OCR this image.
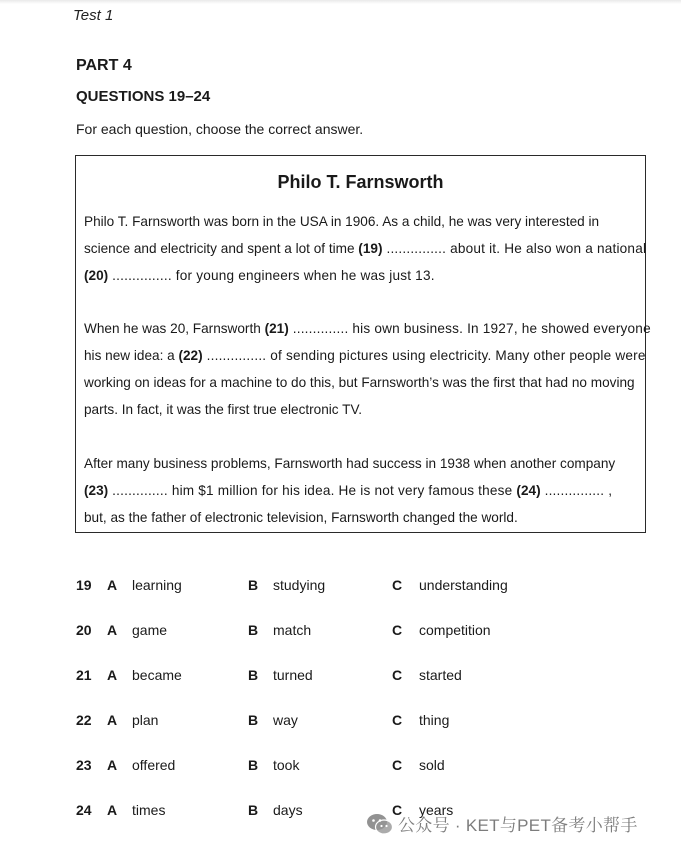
Test 1
PART 4
QUESTIONS 19–24
For each question, choose the correct answer.
Philo T. Farnsworth

Philo T. Farnsworth was born in the USA in 1906. As a child, he was very interested in
science and electricity and spent a lot of time (19) ............... about it. He also won a national
(20) ............... for young engineers when he was just 13.

When he was 20, Farnsworth (21) .............. his own business. In 1927, he showed everyone
his new idea: a (22) ............... of sending pictures using electricity. Many other people were
working on ideas for a machine to do this, but Farnsworth’s was the first that had no moving
parts. In fact, it was the first true electronic TV.

After many business problems, Farnsworth had success in 1938 when another company
(23) .............. him $1 million for his idea. He is not very famous these (24) ............... ,
but, as the father of electronic television, Farnsworth changed the world.

19 A learning	B studying	C understanding
20 A game	B match	C competition
21 A became	B turned	C started
22 A plan	B way	C thing
23 A offered	B took	C sold
24 A times	B days	C years
公众号 · KET与PET备考小帮手
